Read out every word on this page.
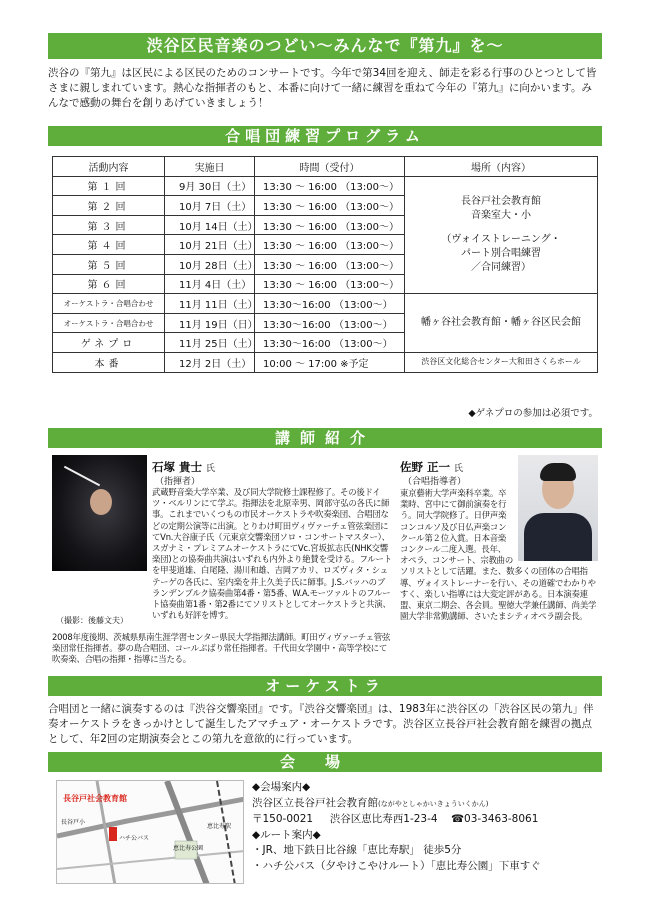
渋谷区民音楽のつどい～みんなで『第九』を～
渋谷の『第九』は区民による区民のためのコンサートです。今年で第34回を迎え、師走を彩る行事のひとつとして皆さまに親しまれています。熱心な指揮者のもと、本番に向けて一緒に練習を重ねて今年の『第九』に向かいます。みんなで感動の舞台を創りあげていきましょう！
合唱団練習プログラム
活動内容	実施日	時間（受付）	場所（内容）
第１回	9月 30日（土）	13:30 ～ 16:00 （13:00～）	長谷戸社会教育館
音楽室大・小
（ヴォイストレーニング・
パート別合唱練習
／合同練習）

第２回	10月 7日（土）	13:30 ～ 16:00 （13:00～）	
第３回	10月 14日（土）	13:30 ～ 16:00 （13:00～）	
第４回	10月 21日（土）	13:30 ～ 16:00 （13:00～）	
第５回	10月 28日（土）	13:30 ～ 16:00 （13:00～）	
第６回	11月 4日（土）	13:30 ～ 16:00 （13:00～）	
オーケストラ・合唱合わせ	11月 11日（土）	13:30～16:00 （13:00～）	幡ヶ谷社会教育館・幡ヶ谷区民会館
オーケストラ・合唱合わせ	11月 19日（日）	13:30～16:00 （13:00～）	
ゲネプロ	11月 25日（土）	13:30～16:00 （13:00～）	
本番	12月 2日（土）	10:00 ～ 17:00 ※予定	渋谷区文化総合センター大和田さくらホール
◆ゲネプロの参加は必須です。
講師紹介
（撮影：後藤文夫）
石塚 貴士 氏
（指揮者）
武蔵野音楽大学卒業、及び同大学院修士課程修了。その後ドイツ・ベルリンにて学ぶ。指揮法を北原幸男、岡部守弘の各氏に師事。これまでいくつもの市民オーケストラや吹奏楽団、合唱団などの定期公演等に出演。とりわけ町田ヴィヴァーチェ管弦楽団にてVn.大谷康子氏（元東京交響楽団ソロ・コンサートマスター）、スガナミ・プレミアムオーケストラにてVc.宮坂拡志氏(NHK交響楽団)との協奏曲共演はいずれも内外より絶賛を受ける。フルートを甲斐道雄、白尾隆、湯川和雄、吉岡アカリ、ロズヴィタ・シュテーゲの各氏に、室内楽を井上久美子氏に師事。J.S.バッハのブランデンブルク協奏曲第4番・第5番、W.A.モーツァルトのフルート協奏曲第1番・第2番にてソリストとしてオーケストラと共演、いずれも好評を博す。
2008年度後期、茨城県県南生涯学習センター県民大学指揮法講師。町田ヴィヴァーチェ管弦楽団常任指揮者。夢の島合唱団、コールぶばり常任指揮者。千代田女学園中・高等学校にて吹奏楽、合唱の指揮・指導に当たる。
佐野 正一 氏
（合唱指導者）
東京藝術大学声楽科卒業。卒業時、宮中にて御前演奏を行う。同大学院修了。日伊声楽コンコルソ及び日仏声楽コンクール第２位入賞。日本音楽コンクール二度入選。長年、オペラ、コンサート、宗教曲のソリストとして活躍。また、数多くの団体の合唱指導、ヴォイストレーナーを行い、その道確でわかりやすく、楽しい指導には大変定評がある。日本演奏連盟、東京二期会、各会員。聖徳大学兼任講師、尚美学園大学非常勤講師、さいたまシティオペラ副会長。
オーケストラ
合唱団と一緒に演奏するのは『渋谷交響楽団』です。『渋谷交響楽団』は、1983年に渋谷区の「渋谷区民の第九」伴奏オーケストラをきっかけとして誕生したアマチュア・オーケストラです。渋谷区立長谷戸社会教育館を練習の拠点として、年2回の定期演奏会とこの第九を意欲的に行っています。
会場
長谷戸社会教育館
長谷戸小
ハチ公バス
恵比寿公園
恵比寿駅
◆会場案内◆
渋谷区立長谷戸社会教育館(ながやとしゃかいきょういくかん)
〒150-0021 渋谷区恵比寿西1-23-4 ☎03-3463-8061
◆ルート案内◆
・JR、地下鉄日比谷線「恵比寿駅」 徒歩5分
・ハチ公バス（夕やけこやけルート）「恵比寿公園」下車すぐ
